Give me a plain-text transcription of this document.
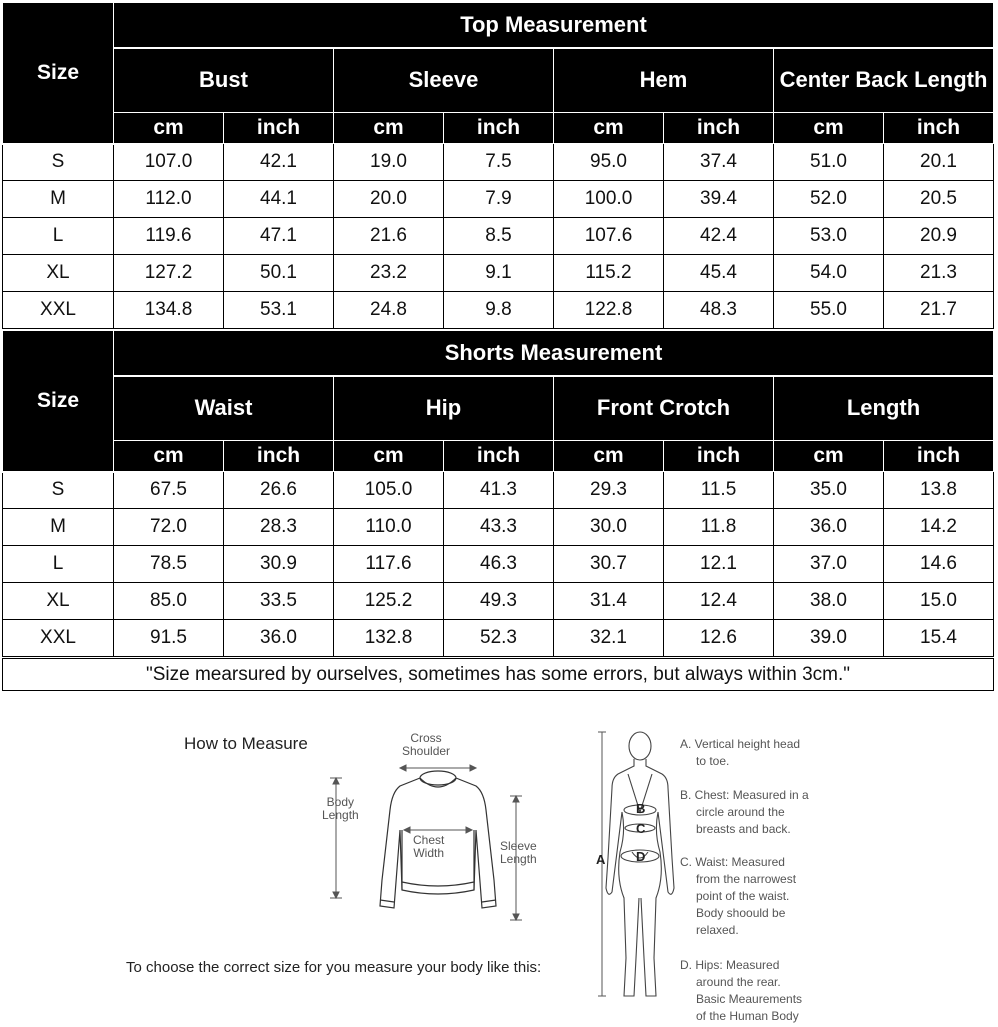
Size	Top Measurement							
	Bust		Sleeve		Hem		Center Back Length	
	cm	inch	cm	inch	cm	inch	cm	inch
S	107.0	42.1	19.0	7.5	95.0	37.4	51.0	20.1
M	112.0	44.1	20.0	7.9	100.0	39.4	52.0	20.5
L	119.6	47.1	21.6	8.5	107.6	42.4	53.0	20.9
XL	127.2	50.1	23.2	9.1	115.2	45.4	54.0	21.3
XXL	134.8	53.1	24.8	9.8	122.8	48.3	55.0	21.7
Size	Shorts Measurement							
	Waist		Hip		Front Crotch		Length	
	cm	inch	cm	inch	cm	inch	cm	inch
S	67.5	26.6	105.0	41.3	29.3	11.5	35.0	13.8
M	72.0	28.3	110.0	43.3	30.0	11.8	36.0	14.2
L	78.5	30.9	117.6	46.3	30.7	12.1	37.0	14.6
XL	85.0	33.5	125.2	49.3	31.4	12.4	38.0	15.0
XXL	91.5	36.0	132.8	52.3	32.1	12.6	39.0	15.4
"Size mearsured by ourselves, sometimes has some errors, but always within 3cm."
How to Measure
To choose the correct size for you measure your body like this:
Cross
Shoulder
Body
Length
Chest
Width	Sleeve
Length	A
B
C
D
A. Vertical height head
to toe.
B. Chest: Measured in a
circle around the
breasts and back.
C. Waist: Measured
from the narrowest
point of the waist.
Body shoould be
relaxed.
D. Hips: Measured
around the rear.
Basic Meaurements
of the Human Body
